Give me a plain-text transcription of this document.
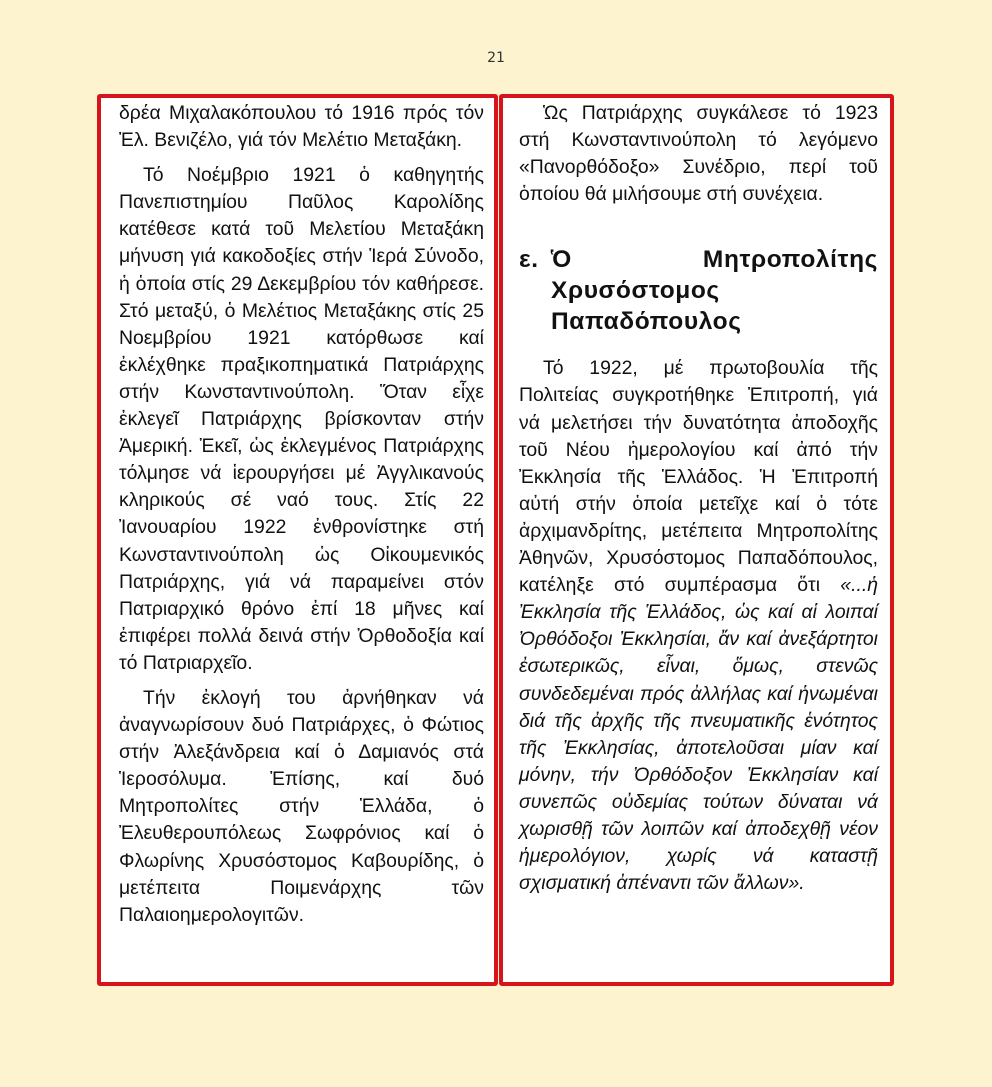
21

δρέα Μιχαλακόπουλου τό 1916 πρός τόν Ἐλ. Βενιζέλο, γιά τόν Μελέτιο Μεταξάκη.

Τό Νοέμβριο 1921 ὁ καθηγητής Πανεπιστημίου Παῦλος Καρολίδης κατέθεσε κατά τοῦ Μελετίου Μεταξάκη μήνυση γιά κακοδοξίες στήν Ἱερά Σύνοδο, ἡ ὁποία στίς 29 Δεκεμβρίου τόν καθήρεσε. Στό μεταξύ, ὁ Μελέτιος Μεταξάκης στίς 25 Νοεμβρίου 1921 κατόρθωσε καί ἐκλέχθηκε πραξικοπηματικά Πατριάρχης στήν Κωνσταντινούπολη. Ὅταν εἶχε ἐκλεγεῖ Πατριάρχης βρίσκονταν στήν Ἀμερική. Ἐκεῖ, ὡς ἐκλεγμένος Πατριάρχης τόλμησε νά ἱερουργήσει μέ Ἀγγλικανούς κληρικούς σέ ναό τους. Στίς 22 Ἰανουαρίου 1922 ἐνθρονίστηκε στή Κωνσταντινούπολη ὡς Οἰκουμενικός Πατριάρχης, γιά νά παραμείνει στόν Πατριαρχικό θρόνο ἐπί 18 μῆνες καί ἐπιφέρει πολλά δεινά στήν Ὀρθοδοξία καί τό Πατριαρχεῖο.

Τήν ἐκλογή του ἀρνήθηκαν νά ἀναγνωρίσουν δυό Πατριάρχες, ὁ Φώτιος στήν Ἀλεξάνδρεια καί ὁ Δαμιανός στά Ἱεροσόλυμα. Ἐπίσης, καί δυό Μητροπολίτες στήν Ἑλλάδα, ὁ Ἐλευθερουπόλεως Σωφρόνιος καί ὁ Φλωρίνης Χρυσόστομος Καβουρίδης, ὁ μετέπειτα Ποιμενάρχης τῶν Παλαιοημερολογιτῶν.

Ὡς Πατριάρχης συγκάλεσε τό 1923 στή Κωνσταντινούπολη τό λεγόμενο «Πανορθόδοξο» Συνέδριο, περί τοῦ ὁποίου θά μιλήσουμε στή συνέχεια.

ε. Ὁ Μητροπολίτης Χρυσόστομος Παπαδόπουλος

Τό 1922, μέ πρωτοβουλία τῆς Πολιτείας συγκροτήθηκε Ἐπιτροπή, γιά νά μελετήσει τήν δυνατότητα ἀποδοχῆς τοῦ Νέου ἡμερολογίου καί ἀπό τήν Ἐκκλησία τῆς Ἑλλάδος. Ἡ Ἐπιτροπή αὐτή στήν ὁποία μετεῖχε καί ὁ τότε ἀρχιμανδρίτης, μετέπειτα Μητροπολίτης Ἀθηνῶν, Χρυσόστομος Παπαδόπουλος, κατέληξε στό συμπέρασμα ὅτι «...ἡ Ἐκκλησία τῆς Ἑλλάδος, ὡς καί αἱ λοιπαί Ὀρθόδοξοι Ἐκκλησίαι, ἄν καί ἀνεξάρτητοι ἐσωτερικῶς, εἶναι, ὅμως, στενῶς συνδεδεμέναι πρός ἀλλήλας καί ἡνωμέναι διά τῆς ἀρχῆς τῆς πνευματικῆς ἑνότητος τῆς Ἐκκλησίας, ἀποτελοῦσαι μίαν καί μόνην, τήν Ὀρθόδοξον Ἐκκλησίαν καί συνεπῶς οὐδεμίας τούτων δύναται νά χωρισθῇ τῶν λοιπῶν καί ἀποδεχθῇ νέον ἡμερολόγιον, χωρίς νά καταστῇ σχισματική ἀπέναντι τῶν ἄλλων».
